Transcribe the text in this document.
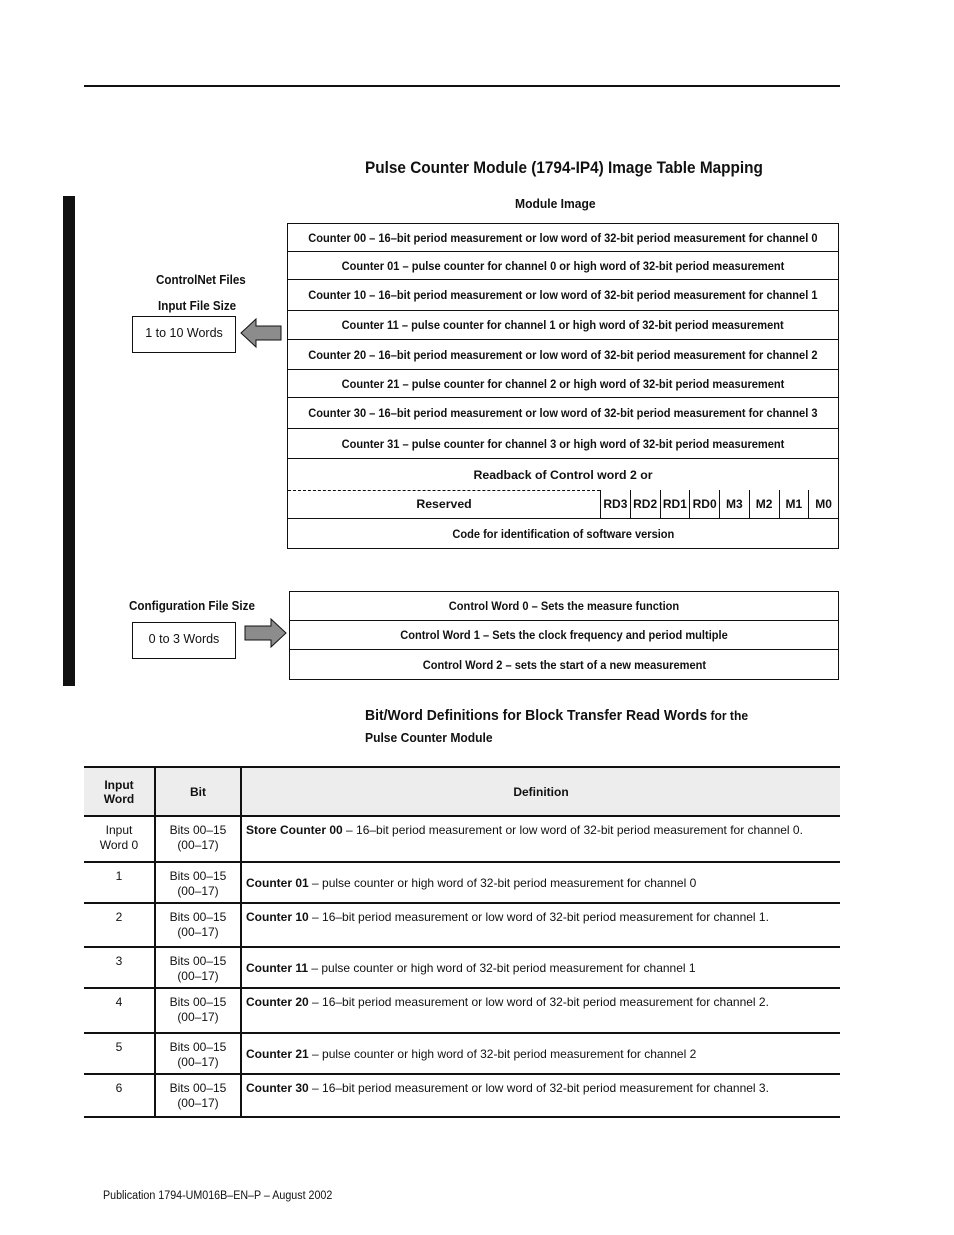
Pulse Counter Module (1794-IP4) Image Table Mapping
Module Image
ControlNet Files
Input File Size
1 to 10 Words
Counter 00 – 16–bit period measurement or low word of 32-bit period measurement for channel 0
Counter 01 – pulse counter for channel 0 or high word of 32-bit period measurement
Counter 10 – 16–bit period measurement or low word of 32-bit period measurement for channel 1
Counter 11 – pulse counter for channel 1 or high word of 32-bit period measurement
Counter 20 – 16–bit period measurement or low word of 32-bit period measurement for channel 2
Counter 21 – pulse counter for channel 2 or high word of 32-bit period measurement
Counter 30 – 16–bit period measurement or low word of 32-bit period measurement for channel 3
Counter 31 – pulse counter for channel 3 or high word of 32-bit period measurement
Readback of Control word 2 or
Reserved	RD3 RD2 RD1 RD0 M3	M2	M1	M0
Code for identification of software version
Configuration File Size
0 to 3 Words
Control Word 0 – Sets the measure function
Control Word 1 – Sets the clock frequency and period multiple
Control Word 2 – sets the start of a new measurement
Bit/Word Definitions for Block Transfer Read Words for the
Pulse Counter Module
Input Word	Bit	Definition
Input Word 0	Bits 00–15 (00–17)	Store Counter 00 – 16–bit period measurement or low word of 32-bit period measurement for channel 0.
1	Bits 00–15 (00–17)	Counter 01 – pulse counter or high word of 32-bit period measurement for channel 0
2	Bits 00–15 (00–17)	Counter 10 – 16–bit period measurement or low word of 32-bit period measurement for channel 1.
3	Bits 00–15 (00–17)	Counter 11 – pulse counter or high word of 32-bit period measurement for channel 1
4	Bits 00–15 (00–17)	Counter 20 – 16–bit period measurement or low word of 32-bit period measurement for channel 2.
5	Bits 00–15 (00–17)	Counter 21 – pulse counter or high word of 32-bit period measurement for channel 2
6	Bits 00–15 (00–17)	Counter 30 – 16–bit period measurement or low word of 32-bit period measurement for channel 3.
Publication 1794-UM016B–EN–P – August 2002
